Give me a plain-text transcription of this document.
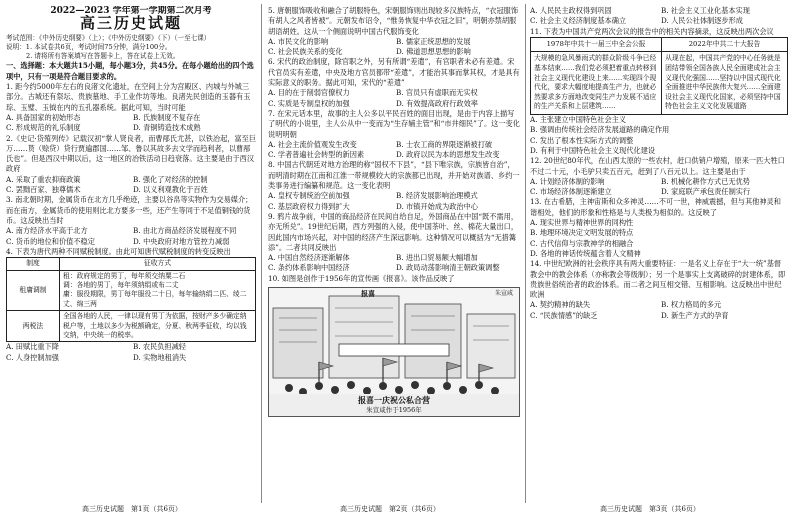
2022—2023 学年第一学期第二次月考

高三历史试题

考试范围：《中外历史纲要》（上）；《中外历史纲要》（下）（一至七课）

说明：1. 本试卷共6页，考试时间75分钟，满分100分。

2. 请将所有答案填写在答题卡上，答在试卷上无效。

一、选择题：本大题共15小题，每小题3分，共45分。在每小题给出的四个选项中，只有一项是符合题目要求的。

1. 距今约5000年左右的良渚文化遗址，在空间上分为宫殿区、内城与外城三部分。古城还有祭坛、贵族墓地、手工业作坊等地。良渚先民创造的玉器有玉琮、玉璧、玉钺在内的五孔器系统。据此可知，当时可能

A. 具备国家的初始形态	B. 氏族制度不复存在
C. 形成规范的礼乐制度	D. 青铜铸造技术成熟

2.《史记·货殖列传》记载汉初“掌人贤良者，而曹邴氏尤甚，以铁冶起，富至巨万……贳（赊贷）贷行贾遍郡国……邹、鲁以其故多去文学而趋利者，以曹邴氏也”。但是西汉中期以后，这一地区的冶铁活动日趋衰落。这主要是由于西汉政府

A. 采取了重农抑商政策	B. 强化了对经济的控制
C. 罢黜百家、独尊儒术	D. 以义利观教化于百姓

3. 南北朝时期，金属货币在北方几乎绝迹，主要以谷帛等实物作为交易媒介；而在南方，金属货币的使用则比北方要多一些，还产生等同于不足值铜钱的货币。这反映出当时

A. 南方经济水平高于北方	B. 由北方商品经济发展程度不同
C. 货币的地位和价值不稳定	D. 中央政府对地方管控力减弱

4. 下表为唐代两种不同赋税制度。由此可知唐代赋税制度的转变反映出

制度	征收方式
租庸调制	租：政府规定的男丁，每年须交纳粟二石

调：各地的男丁，每年须纳绢或布二丈

庸：服役期限，男丁每年服役二十日，每年输纳绢二匹、绫二丈、绵三两

两税法	全国各地的人民，一律以现有男丁为依据，按财产多少确定纳税户等，土地以多少为税额确定，分夏、秋两季征收，均以钱交纳，中央统一的税率。

A. 田赋比重下降	B. 农民负担减轻
C. 人身控制加强	D. 实物地租消失

5. 唐朝服饰吸收和融合了胡服特色，宋朝服饰则出现较多汉族特点，“衣冠服饰有胡人之风者皆被”。元朝发布诏令，“惟务恢复中华衣冠之旧”，明朝亦禁胡服胡语胡姓。这从一个侧面说明中国古代服饰变化

A. 市民文化的影响	B. 儒家正统思想的发展
C. 社会民族关系的变化	D. 佛道思想思想的影响

6. 宋代的政治制度，除官职之外，另有所谓“差遣”，有官职者未必有差遣。宋代官员实有差遣，中央及地方官员都带“差遣”，才能治其事而掌其权，才是具有实际意义的职务。据此可知，宋代的“差遣”

A. 目的在于削弱官僚权力	B. 官员只有虚职而无实权
C. 实质是专制皇权的加强	D. 有效提高政府行政效率

7. 在宋元话本里，故事的主人公多以平民百姓的面目出现，是由于内容上描写了明代的小说里，主人公从中一变而为“生存辅主管”和“市井细民”了。这一变化说明明朝

A. 社会主流价值观发生改变	B. 士农工商的界限逐渐被打破
C. 学者普遍社会转型的新因素	D. 政府以民为本的思想发生改变

8. 中国古代朝廷对地方治理的称“国权不下县”，“县下唯宗族，宗族皆自治”，而明清时期在江南和江淮一带规模较大的宗族都已出现，并开始对族谱、乡约一类事务进行编纂和规范。这一变化表明

A. 皇权专制统治空前加强	B. 经济发展影响治理模式
C. 基层政府权力得到扩大	D. 市镇开始成为政治中心

9. 鸦片战争前，中国的商品经济在民间自给自足，外国商品在中国“既不需用，亦无所兑”。19世纪后期，西方列强的入侵，使中国茶叶、丝、棉花大量出口，因此国内市场兴起，对中国的经济产生深远影响。这种情况可以概括为“无措篝添”。二者共同反映出

A. 中国自然经济逐渐解体	B. 进出口贸易额大幅增加
C. 条约体系影响中国经济	D. 政局动荡影响清王朝政策调整

10. 如图是创作于1956年的宣传画《报喜》。该作品反映了

报喜	朱宣咸
报喜一庆祝公私合营
朱宣咸作于1956年
A. 人民民主政权得到巩固	B. 社会主义工业化基本实现
C. 社会主义经济制度基本确立	D. 人民公社体制逐步形成

11. 下表为中国共产党两次会议的报告中的相关内容摘录，这反映出两次会议

1978年中共十一届三中全会公报	2022年中共二十大报告
大规模的急风暴雨式的群众阶级斗争已经基本结束……我们党必须把着重点转移到社会主义现代化建设上来……实现四个现代化，要求大幅度地提高生产力，也就必然要求多方面地改变同生产力发展不适应的生产关系和上层建筑……	从现在起，中国共产党的中心任务就是团结带领全国各族人民全面建成社会主义现代化强国……坚持以中国式现代化全面推进中华民族伟大复兴……全面建设社会主义现代化国家，必须坚持中国特色社会主义文化发展道路

A. 主张建立中国特色社会主义

B. 强调由传统社会经济发展道路的确定作用

C. 发出了根本性实际方式的调整

D. 有利于中国特色社会主义现代化建设

12. 20世纪80年代，在山西太原的一些农村，赶口供销户增殖，原来一匹大牲口不过二十元，小毛驴只卖五百元，赶到了八百元以上。这主要是由于

A. 计划经济体制的影响	B. 机械化耕作方式已无优势
C. 市场经济体制逐渐建立	D. 家庭联产承包责任制实行

13. 在古希腊，主神宙斯和众多神灵……不可一世，神威震撼，但与其他神灵和谐相处，他们的形象和性格是与人类极为相似的。这反映了

A. 现实世界与精神世界的同构性

B. 地理环境决定文明发展的特点

C. 古代信仰与宗教神学的相融合

D. 各地的神话传统蕴含着人文精神

14. 中世纪欧洲的社会秩序具有两大重要特征：一是名义上存在于“大一统”基督教会中的教会体系（亦称教会等级制）；另一个是事实上支离破碎的封建体系，即贵族世俗统治者的政治体系。而二者之间互相交错、互相影响。这反映出中世纪欧洲

A. 契约精神的缺失	B. 权力格局的多元
C. “民族情感”的缺乏	D. 新生产方式的孕育
高三历史试题　第1页（共6页）	高三历史试题　第2页（共6页）	高三历史试题　第3页（共6页）
